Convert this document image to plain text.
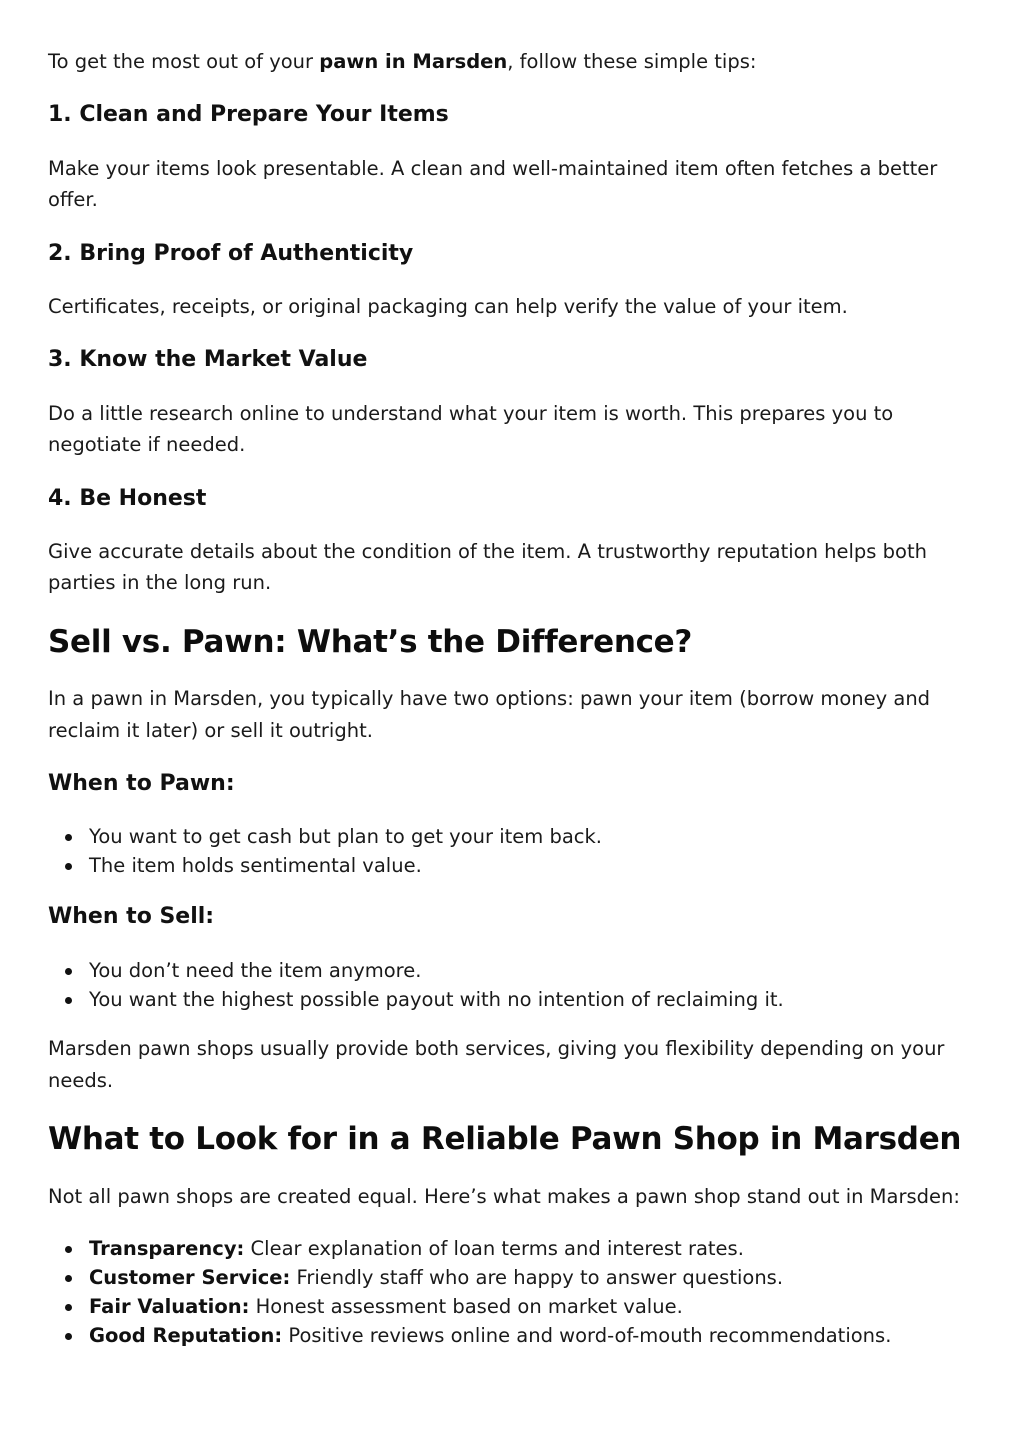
To get the most out of your pawn in Marsden, follow these simple tips:

1. Clean and Prepare Your Items

Make your items look presentable. A clean and well-maintained item often fetches a better

offer.

2. Bring Proof of Authenticity

Certificates, receipts, or original packaging can help verify the value of your item.

3. Know the Market Value

Do a little research online to understand what your item is worth. This prepares you to

negotiate if needed.

4. Be Honest

Give accurate details about the condition of the item. A trustworthy reputation helps both

parties in the long run.

Sell vs. Pawn: What’s the Difference?

In a pawn in Marsden, you typically have two options: pawn your item (borrow money and

reclaim it later) or sell it outright.

When to Pawn:
You want to get cash but plan to get your item back.
The item holds sentimental value.
When to Sell:
You don’t need the item anymore.
You want the highest possible payout with no intention of reclaiming it.

Marsden pawn shops usually provide both services, giving you flexibility depending on your

needs.

What to Look for in a Reliable Pawn Shop in Marsden

Not all pawn shops are created equal. Here’s what makes a pawn shop stand out in Marsden:

Transparency: Clear explanation of loan terms and interest rates.
Customer Service: Friendly staff who are happy to answer questions.
Fair Valuation: Honest assessment based on market value.
Good Reputation: Positive reviews online and word-of-mouth recommendations.
